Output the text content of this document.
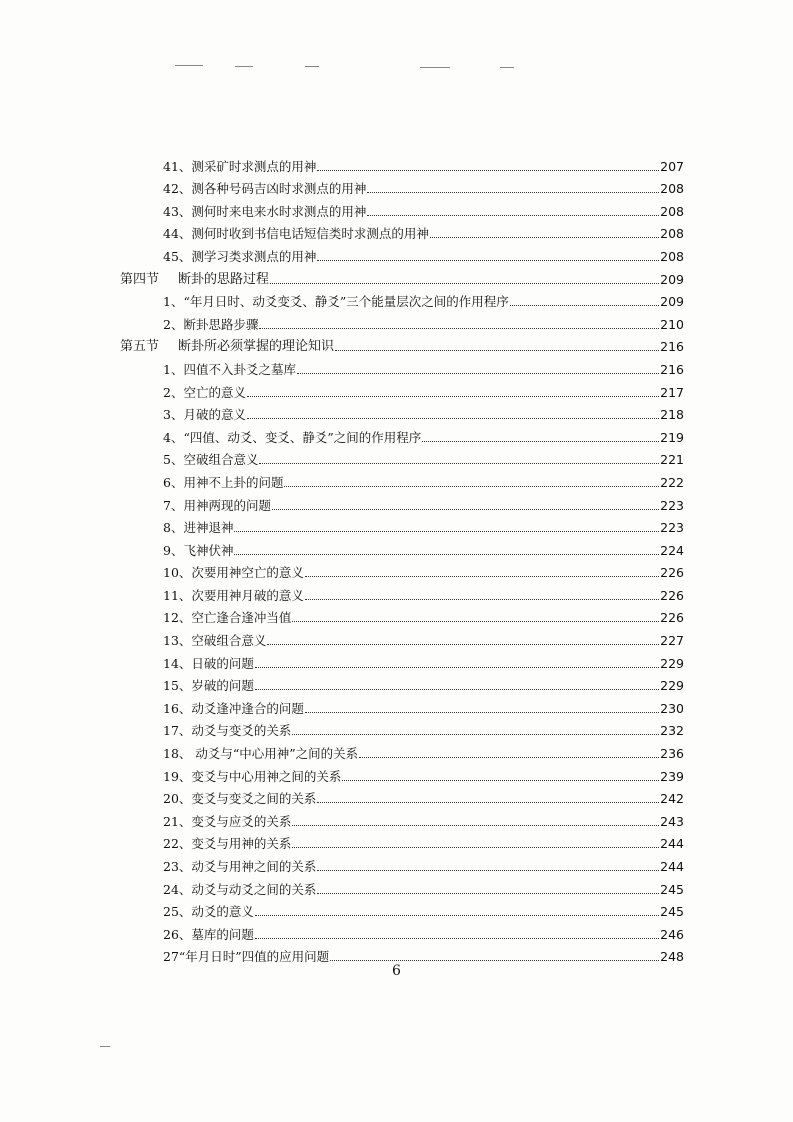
41、测采矿时求测点的用神	207
42、测各种号码吉凶时求测点的用神	208
43、测何时来电来水时求测点的用神	208
44、测何时收到书信电话短信类时求测点的用神	208
45、测学习类求测点的用神	208
第四节	断卦的思路过程	209
1、“年月日时、动爻变爻、静爻”三个能量层次之间的作用程序	209
2、断卦思路步骤	210
第五节	断卦所必须掌握的理论知识	216
1、四值不入卦爻之墓库	216
2、空亡的意义	217
3、月破的意义	218
4、“四值、动爻、变爻、静爻”之间的作用程序	219
5、空破组合意义	221
6、用神不上卦的问题	222
7、用神两现的问题	223
8、进神退神	223
9、飞神伏神	224
10、次要用神空亡的意义	226
11、次要用神月破的意义	226
12、空亡逢合逢冲当值	226
13、空破组合意义	227
14、日破的问题	229
15、岁破的问题	229
16、动爻逢冲逢合的问题	230
17、动爻与变爻的关系	232
18、 动爻与“中心用神”之间的关系	236
19、变爻与中心用神之间的关系	239
20、变爻与变爻之间的关系	242
21、变爻与应爻的关系	243
22、变爻与用神的关系	244
23、动爻与用神之间的关系	244
24、动爻与动爻之间的关系	245
25、动爻的意义	245
26、墓库的问题	246
27“年月日时”四值的应用问题	248
6
